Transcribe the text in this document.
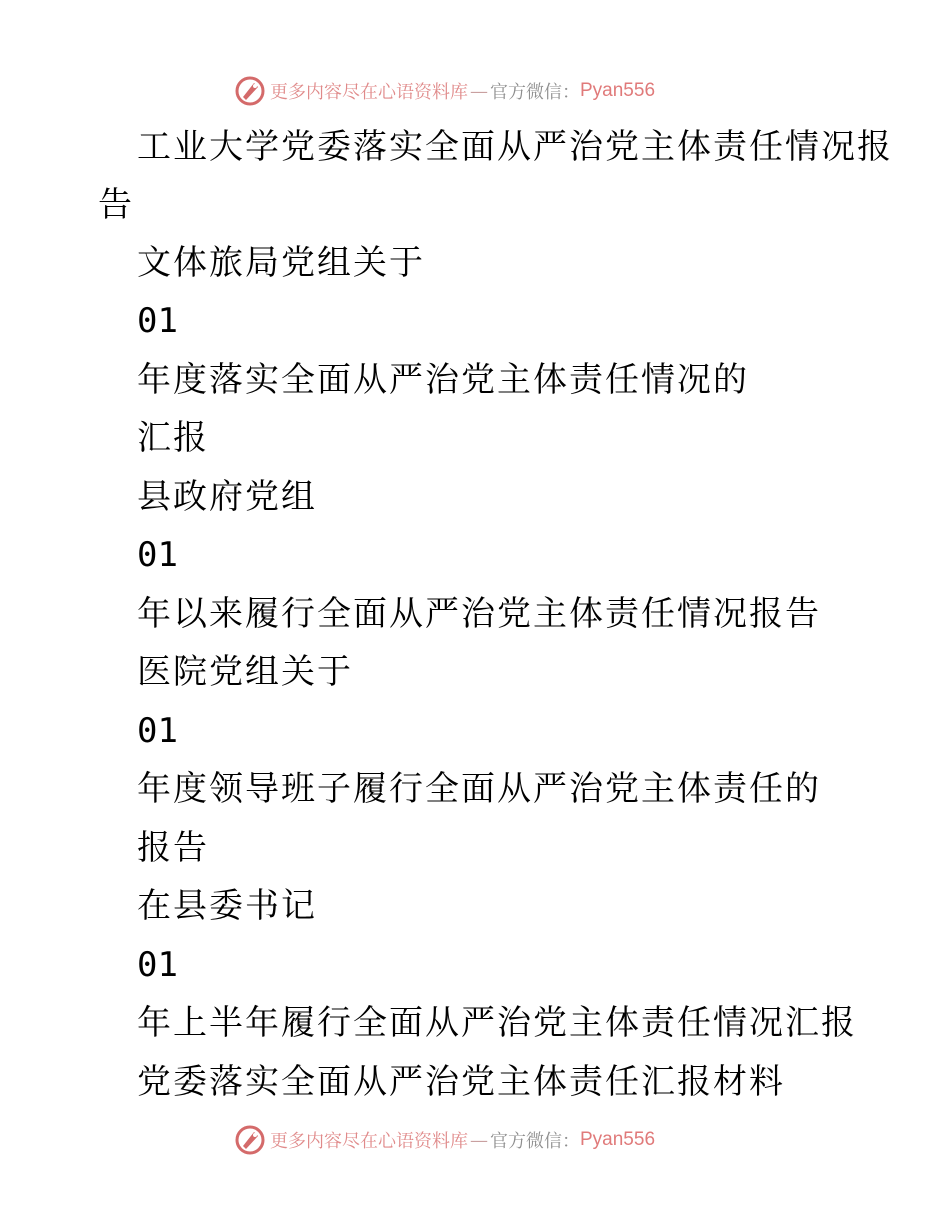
更多内容尽在心语资料库 — 官方微信： Pyan556
工业大学党委落实全面从严治党主体责任情况报
告
文体旅局党组关于
01
年度落实全面从严治党主体责任情况的
汇报
县政府党组
01
年以来履行全面从严治党主体责任情况报告
医院党组关于
01
年度领导班子履行全面从严治党主体责任的
报告
在县委书记
01
年上半年履行全面从严治党主体责任情况汇报
党委落实全面从严治党主体责任汇报材料
更多内容尽在心语资料库 — 官方微信： Pyan556
